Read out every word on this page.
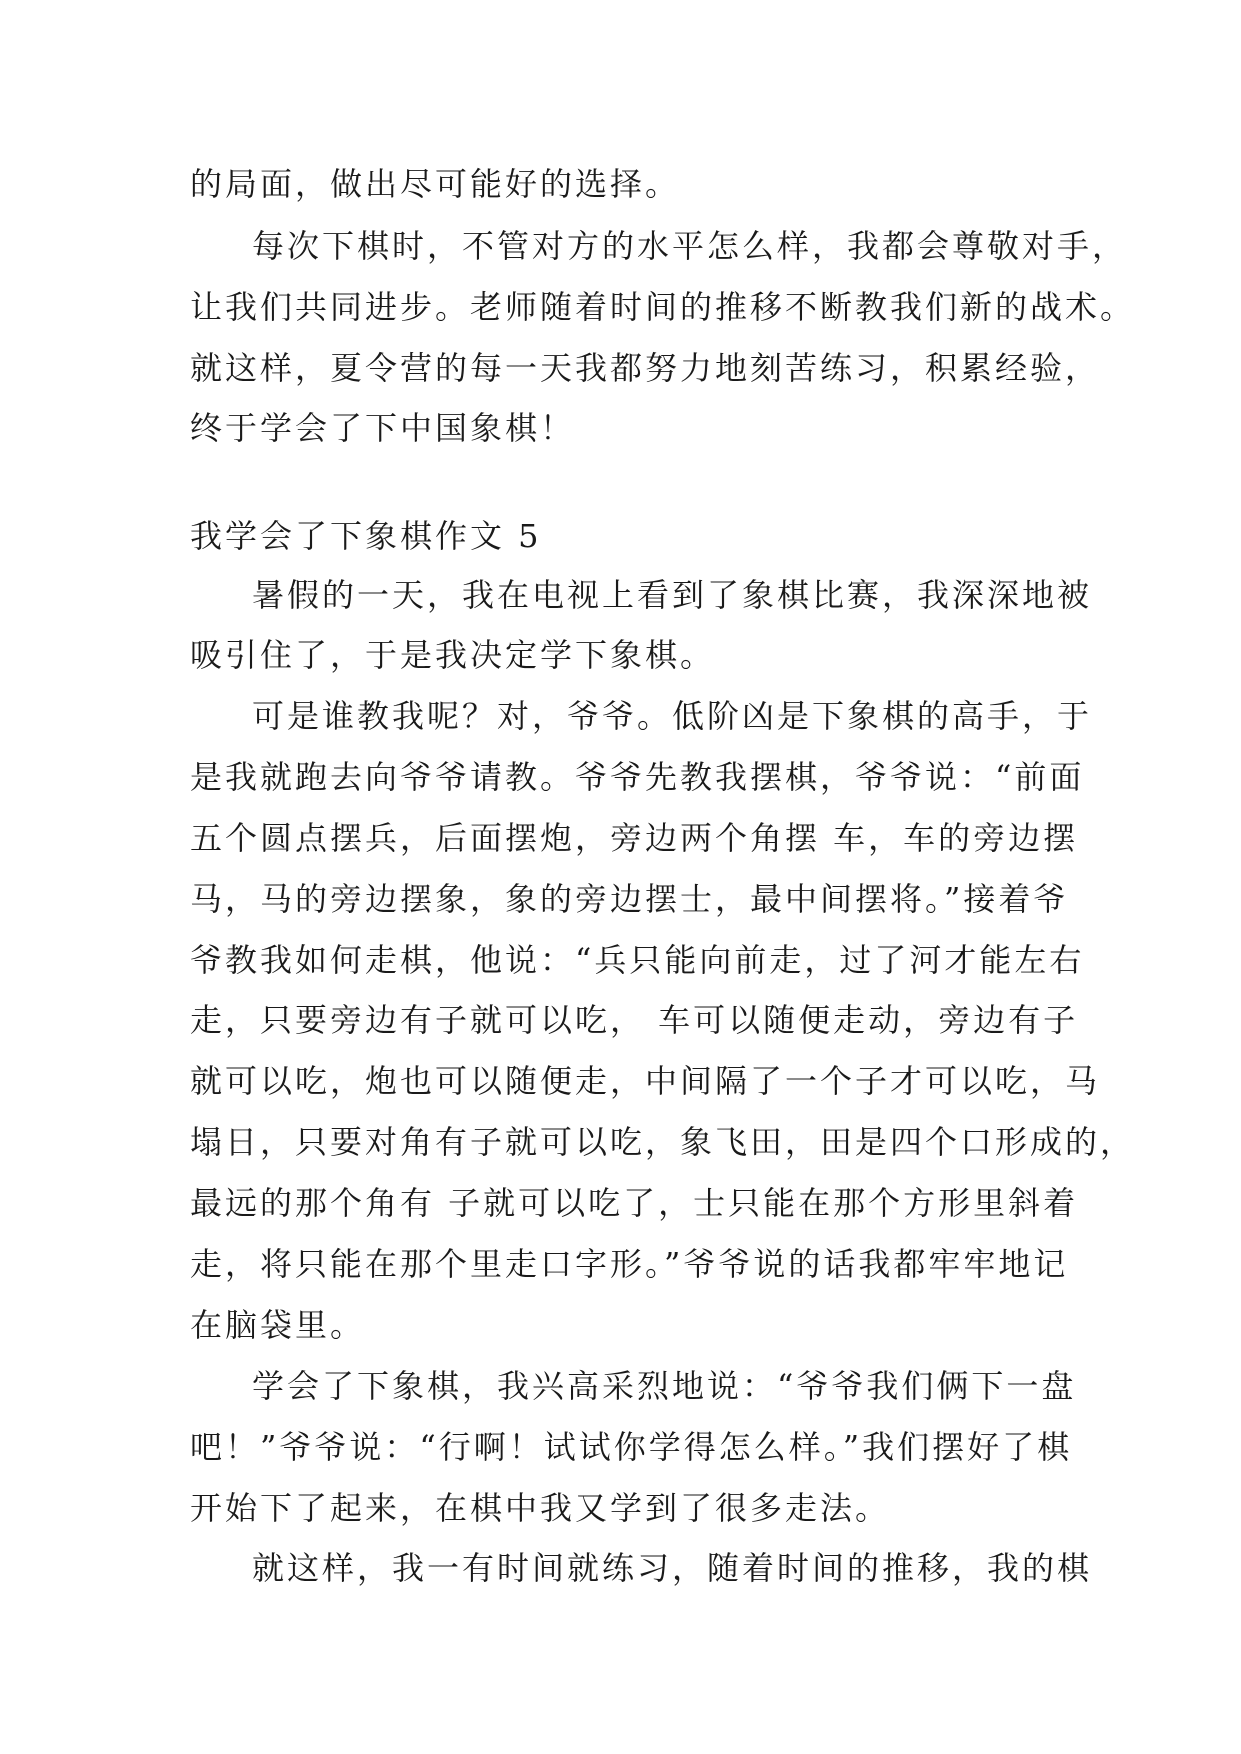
的局面，做出尽可能好的选择。
每次下棋时，不管对方的水平怎么样，我都会尊敬对手，
让我们共同进步。老师随着时间的推移不断教我们新的战术。
就这样，夏令营的每一天我都努力地刻苦练习，积累经验，
终于学会了下中国象棋！
我学会了下象棋作文 5
暑假的一天，我在电视上看到了象棋比赛，我深深地被
吸引住了，于是我决定学下象棋。
可是谁教我呢？对，爷爷。低阶凶是下象棋的高手，于
是我就跑去向爷爷请教。爷爷先教我摆棋，爷爷说：“前面
五个圆点摆兵，后面摆炮，旁边两个角摆 车，车的旁边摆
马，马的旁边摆象，象的旁边摆士，最中间摆将。”接着爷
爷教我如何走棋，他说：“兵只能向前走，过了河才能左右
走，只要旁边有子就可以吃， 车可以随便走动，旁边有子
就可以吃，炮也可以随便走，中间隔了一个子才可以吃，马
塌日，只要对角有子就可以吃，象飞田，田是四个口形成的，
最远的那个角有 子就可以吃了，士只能在那个方形里斜着
走，将只能在那个里走口字形。”爷爷说的话我都牢牢地记
在脑袋里。
学会了下象棋，我兴高采烈地说：“爷爷我们俩下一盘
吧！”爷爷说：“行啊！试试你学得怎么样。”我们摆好了棋
开始下了起来，在棋中我又学到了很多走法。
就这样，我一有时间就练习，随着时间的推移，我的棋
